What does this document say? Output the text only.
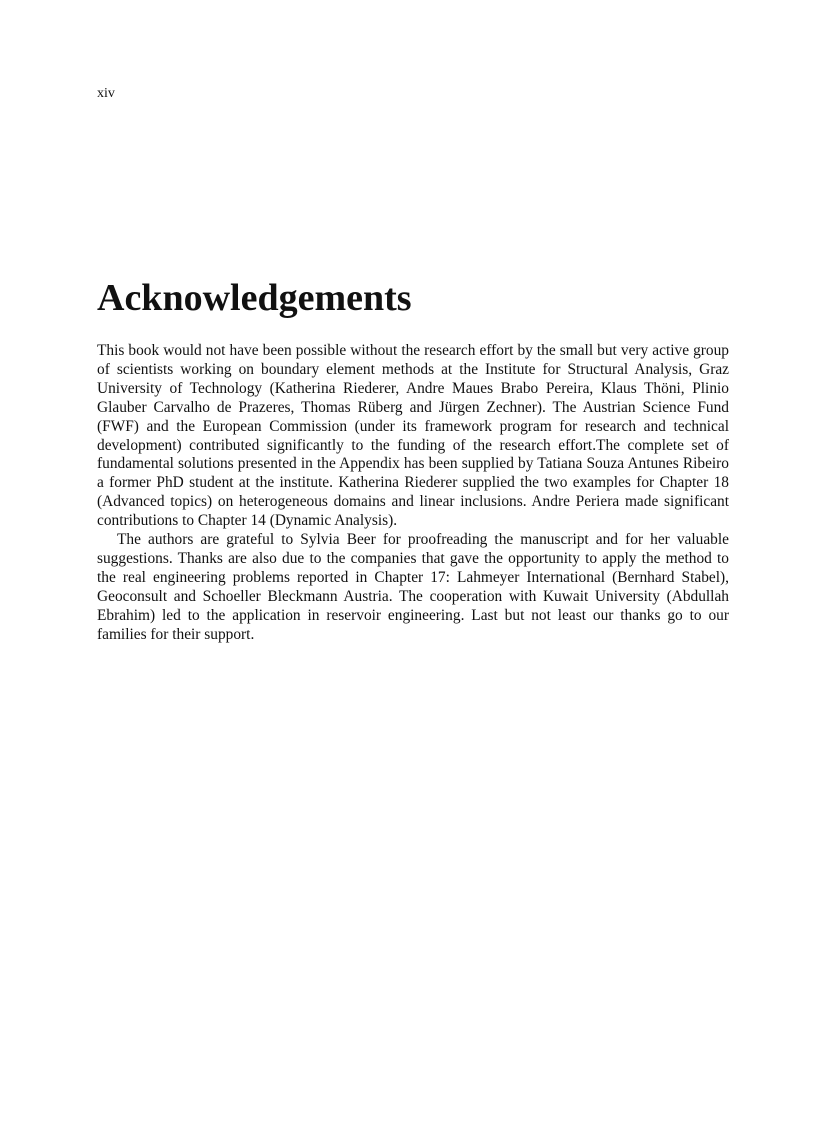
xiv
Acknowledgements

This book would not have been possible without the research effort by the small but very active group of scientists working on boundary element methods at the Institute for Structural Analysis, Graz University of Technology (Katherina Riederer, Andre Maues Brabo Pereira, Klaus Thöni, Plinio Glauber Carvalho de Prazeres, Thomas Rüberg and Jürgen Zechner). The Austrian Science Fund (FWF) and the European Commission (under its framework program for research and technical development) contributed significantly to the funding of the research effort.The complete set of fundamental solutions presented in the Appendix has been supplied by Tatiana Souza Antunes Ribeiro a former PhD student at the institute. Katherina Riederer supplied the two examples for Chapter 18 (Advanced topics) on heterogeneous domains and linear inclusions. Andre Periera made significant contributions to Chapter 14 (Dynamic Analysis).

The authors are grateful to Sylvia Beer for proofreading the manuscript and for her valuable suggestions. Thanks are also due to the companies that gave the opportunity to apply the method to the real engineering problems reported in Chapter 17: Lahmeyer International (Bernhard Stabel), Geoconsult and Schoeller Bleckmann Austria. The cooperation with Kuwait University (Abdullah Ebrahim) led to the application in reservoir engineering. Last but not least our thanks go to our families for their support.
